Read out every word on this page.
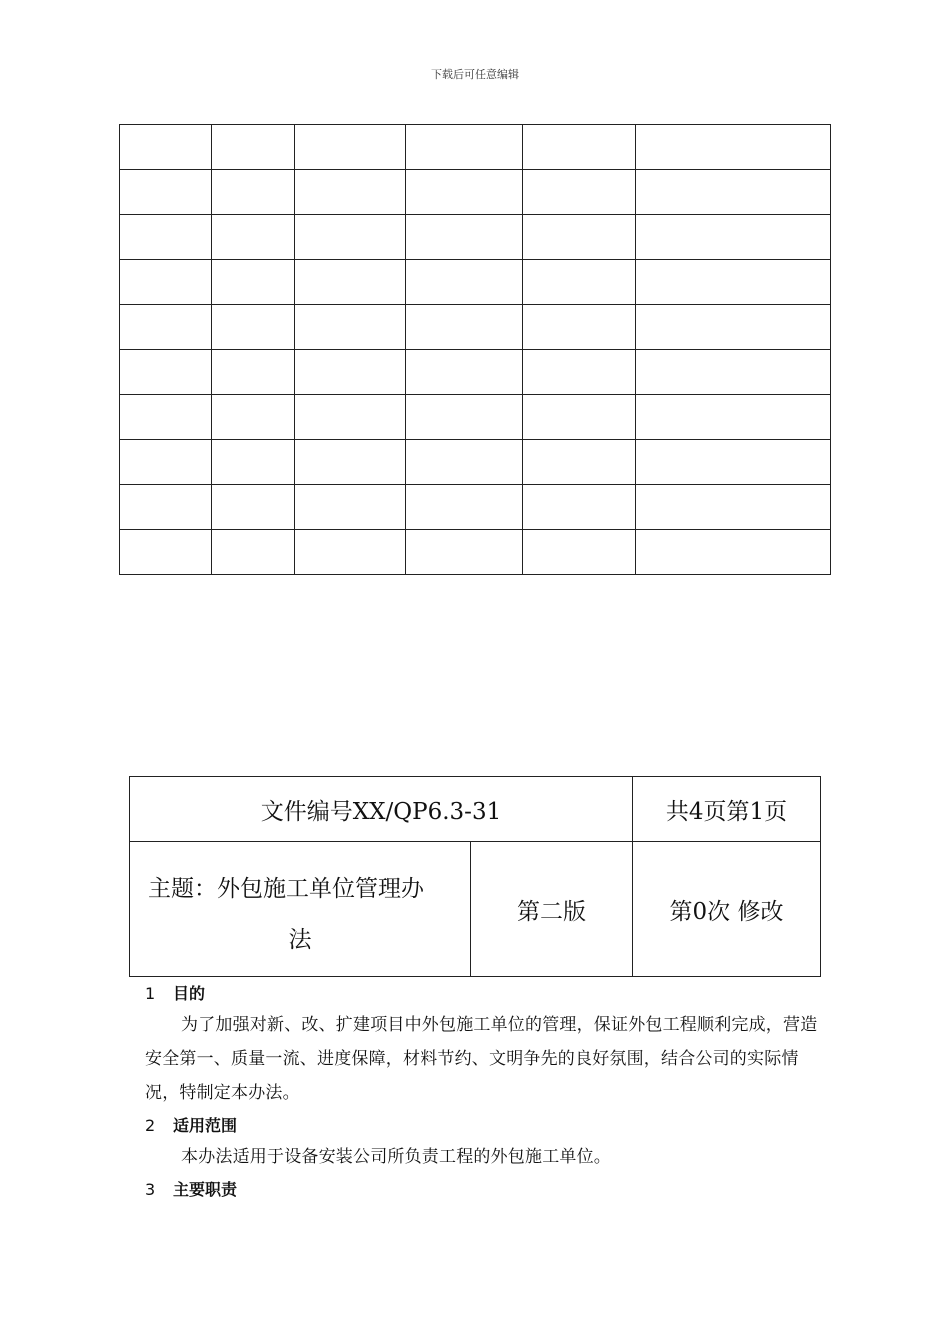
下载后可任意编辑

文件编号XX/QP6.3-31		共4页第1页

主题：外包施工单位管理办
法	第二版	第0次 修改
1 目的

为了加强对新、改、扩建项目中外包施工单位的管理，保证外包工程顺利完成，营造安全第一、质量一流、进度保障，材料节约、文明争先的良好氛围，结合公司的实际情况，特制定本办法。

2 适用范围

本办法适用于设备安装公司所负责工程的外包施工单位。

3 主要职责
